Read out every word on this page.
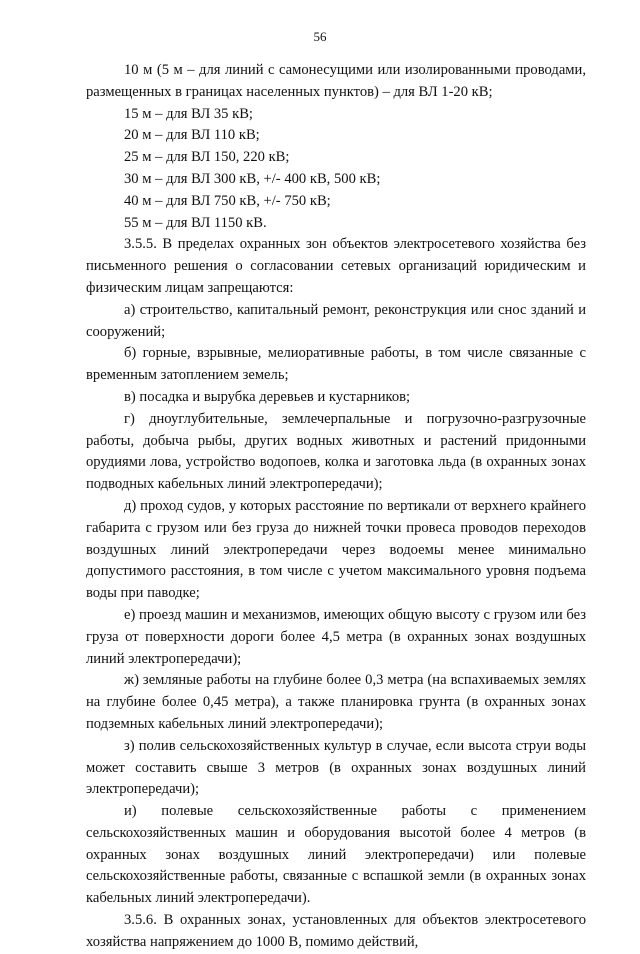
56

10 м (5 м – для линий с самонесущими или изолированными проводами, размещенных в границах населенных пунктов) – для ВЛ 1-20 кВ;

15 м – для ВЛ 35 кВ;

20 м – для ВЛ 110 кВ;

25 м – для ВЛ 150, 220 кВ;

30 м – для ВЛ 300 кВ, +/- 400 кВ, 500 кВ;

40 м – для ВЛ 750 кВ, +/- 750 кВ;

55 м – для ВЛ 1150 кВ.

3.5.5. В пределах охранных зон объектов электросетевого хозяйства без письменного решения о согласовании сетевых организаций юридическим и физическим лицам запрещаются:

а) строительство, капитальный ремонт, реконструкция или снос зданий и сооружений;

б) горные, взрывные, мелиоративные работы, в том числе связанные с временным затоплением земель;

в) посадка и вырубка деревьев и кустарников;

г) дноуглубительные, землечерпальные и погрузочно-разгрузочные работы, добыча рыбы, других водных животных и растений придонными орудиями лова, устройство водопоев, колка и заготовка льда (в охранных зонах подводных кабельных линий электропередачи);

д) проход судов, у которых расстояние по вертикали от верхнего крайнего габарита с грузом или без груза до нижней точки провеса проводов переходов воздушных линий электропередачи через водоемы менее минимально допустимого расстояния, в том числе с учетом максимального уровня подъема воды при паводке;

е) проезд машин и механизмов, имеющих общую высоту с грузом или без груза от поверхности дороги более 4,5 метра (в охранных зонах воздушных линий электропередачи);

ж) земляные работы на глубине более 0,3 метра (на вспахиваемых землях на глубине более 0,45 метра), а также планировка грунта (в охранных зонах подземных кабельных линий электропередачи);

з) полив сельскохозяйственных культур в случае, если высота струи воды может составить свыше 3 метров (в охранных зонах воздушных линий электропередачи);

и) полевые сельскохозяйственные работы с применением сельскохозяйственных машин и оборудования высотой более 4 метров (в охранных зонах воздушных линий электропередачи) или полевые сельскохозяйственные работы, связанные с вспашкой земли (в охранных зонах кабельных линий электропередачи).

3.5.6. В охранных зонах, установленных для объектов электросетевого хозяйства напряжением до 1000 В, помимо действий,
